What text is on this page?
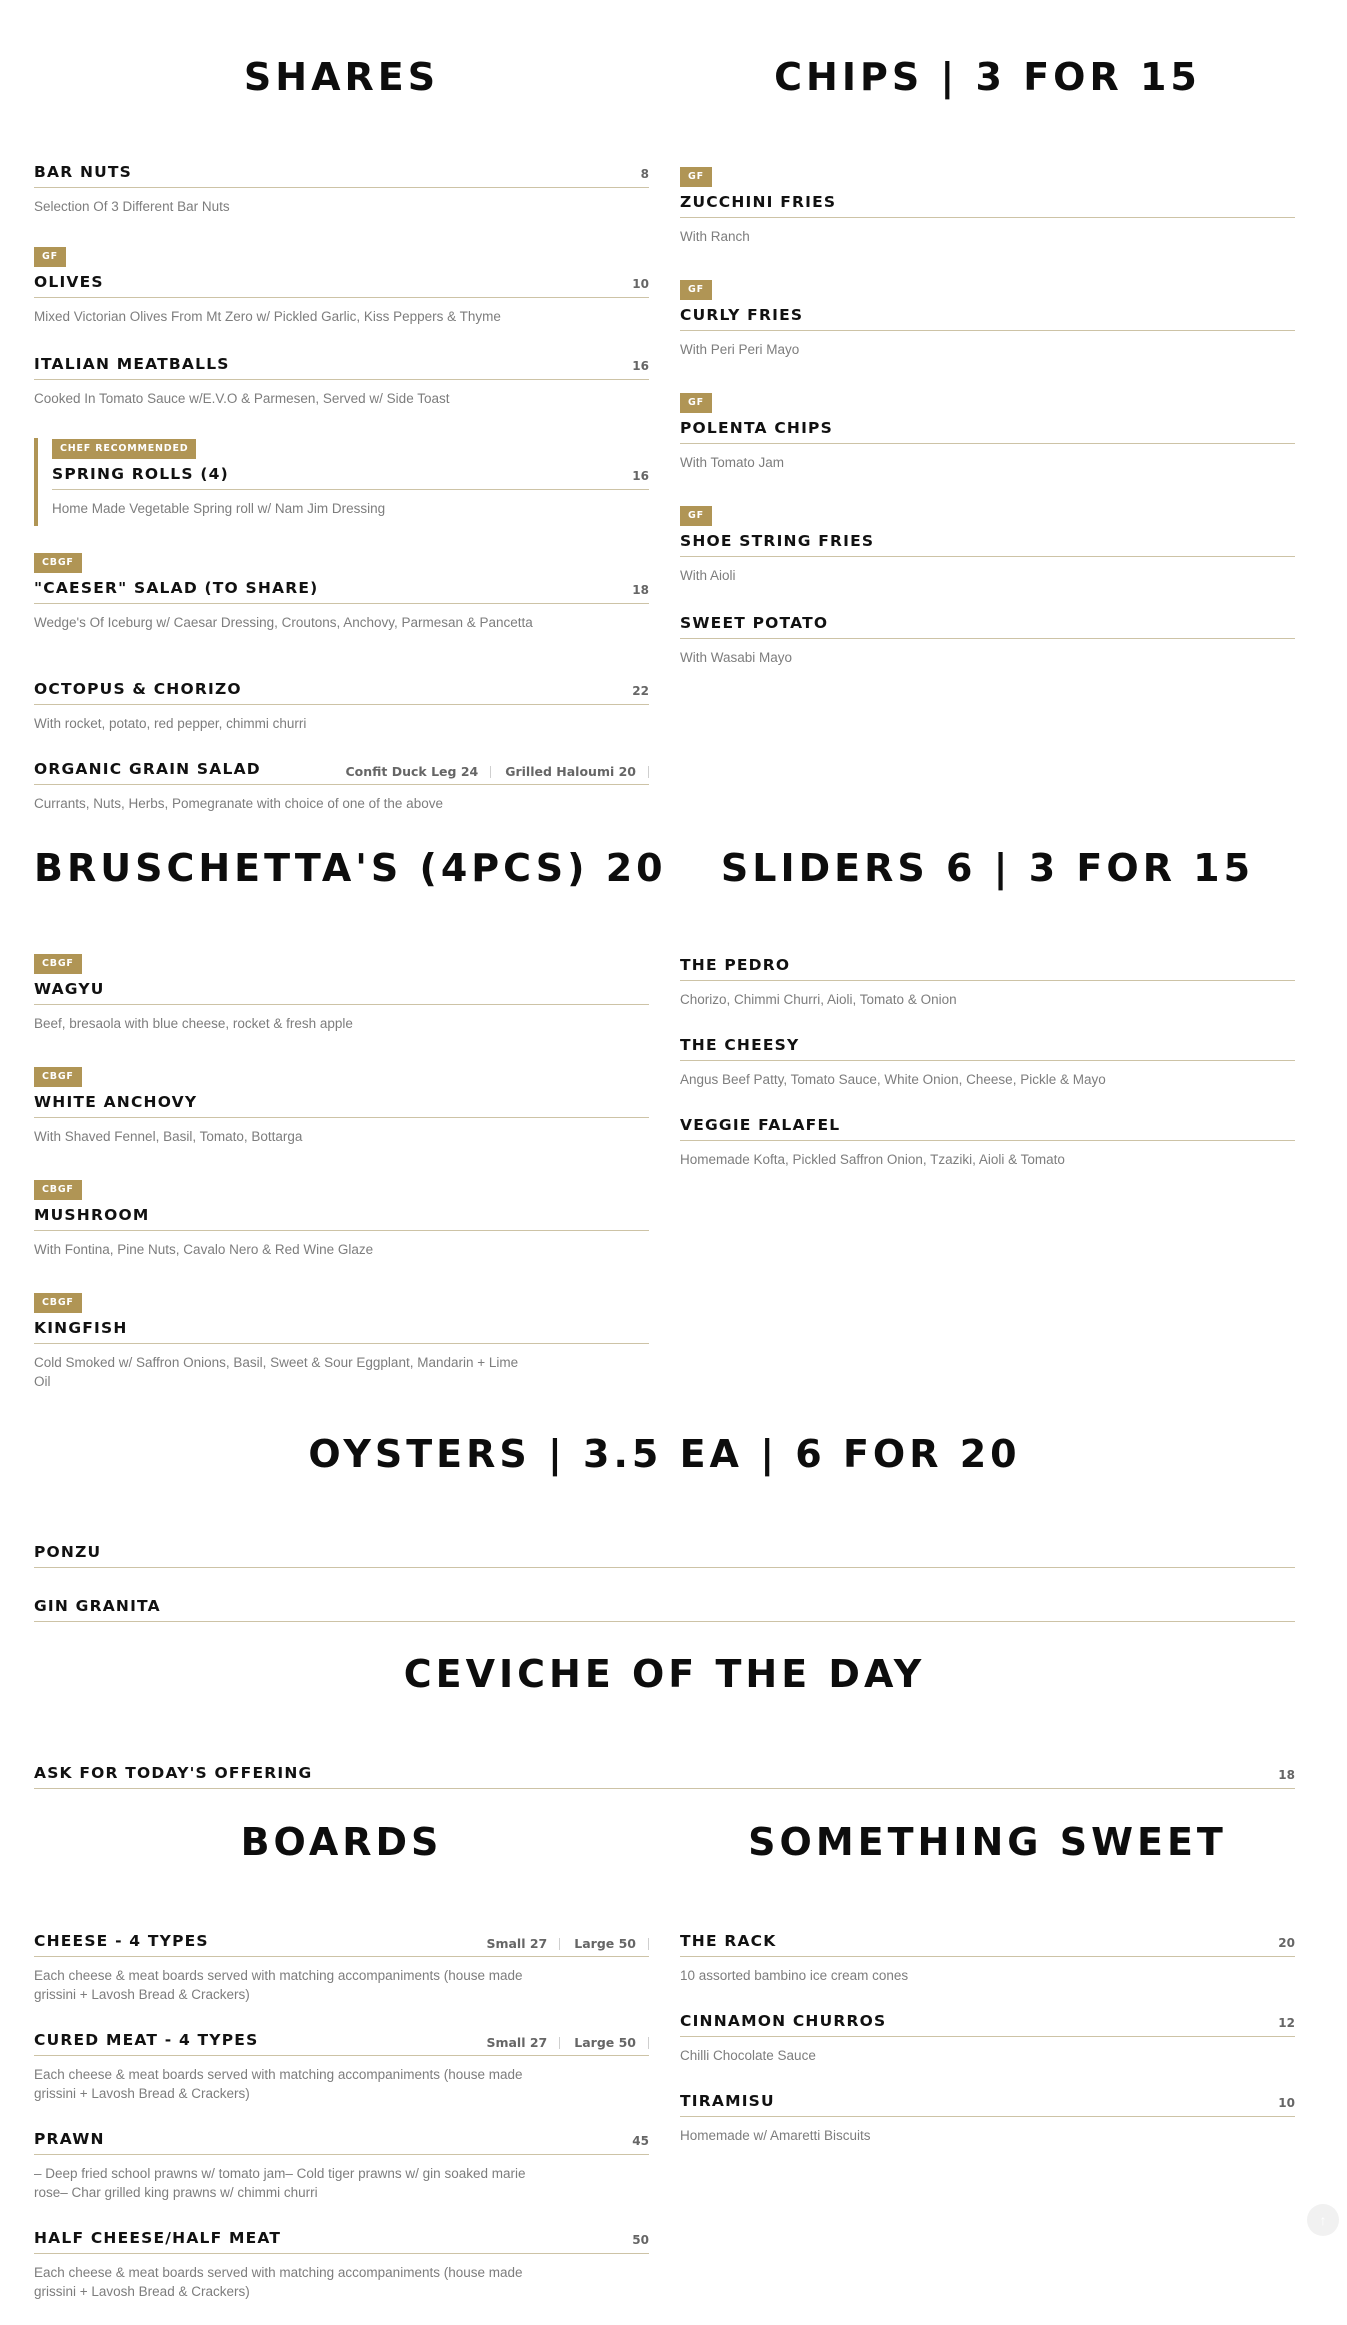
SHARES
BAR NUTS	8
Selection Of 3 Different Bar Nuts
GF
OLIVES	10
Mixed Victorian Olives From Mt Zero w/ Pickled Garlic, Kiss Peppers & Thyme
ITALIAN MEATBALLS	16
Cooked In Tomato Sauce w/E.V.O & Parmesen, Served w/ Side Toast
CHEF RECOMMENDED
SPRING ROLLS (4)	16
Home Made Vegetable Spring roll w/ Nam Jim Dressing
CBGF
"CAESER" SALAD (TO SHARE)	18
Wedge's Of Iceburg w/ Caesar Dressing, Croutons, Anchovy, Parmesan & Pancetta
OCTOPUS & CHORIZO	22
With rocket, potato, red pepper, chimmi churri
ORGANIC GRAIN SALAD	Confit Duck Leg 24	Grilled Haloumi 20
Currants, Nuts, Herbs, Pomegranate with choice of one of the above
CHIPS | 3 FOR 15
GF
ZUCCHINI FRIES
With Ranch
GF
CURLY FRIES
With Peri Peri Mayo
GF
POLENTA CHIPS
With Tomato Jam
GF
SHOE STRING FRIES
With Aioli
SWEET POTATO
With Wasabi Mayo
BRUSCHETTA'S (4PCS) 20
CBGF
WAGYU
Beef, bresaola with blue cheese, rocket & fresh apple
CBGF
WHITE ANCHOVY
With Shaved Fennel, Basil, Tomato, Bottarga
CBGF
MUSHROOM
With Fontina, Pine Nuts, Cavalo Nero & Red Wine Glaze
CBGF
KINGFISH
Cold Smoked w/ Saffron Onions, Basil, Sweet & Sour Eggplant, Mandarin + Lime Oil
SLIDERS 6 | 3 FOR 15
THE PEDRO
Chorizo, Chimmi Churri, Aioli, Tomato & Onion
THE CHEESY
Angus Beef Patty, Tomato Sauce, White Onion, Cheese, Pickle & Mayo
VEGGIE FALAFEL
Homemade Kofta, Pickled Saffron Onion, Tzaziki, Aioli & Tomato
OYSTERS | 3.5 EA | 6 FOR 20
PONZU
GIN GRANITA
CEVICHE OF THE DAY
ASK FOR TODAY'S OFFERING	18
BOARDS
CHEESE - 4 TYPES	Small 27	Large 50
Each cheese & meat boards served with matching accompaniments (house made grissini + Lavosh Bread & Crackers)
CURED MEAT - 4 TYPES	Small 27	Large 50
Each cheese & meat boards served with matching accompaniments (house made grissini + Lavosh Bread & Crackers)
PRAWN	45
– Deep fried school prawns w/ tomato jam– Cold tiger prawns w/ gin soaked marie rose– Char grilled king prawns w/ chimmi churri
HALF CHEESE/HALF MEAT	50
Each cheese & meat boards served with matching accompaniments (house made grissini + Lavosh Bread & Crackers)
SOMETHING SWEET
THE RACK	20
10 assorted bambino ice cream cones
CINNAMON CHURROS	12
Chilli Chocolate Sauce
TIRAMISU	10
Homemade w/ Amaretti Biscuits
↑
